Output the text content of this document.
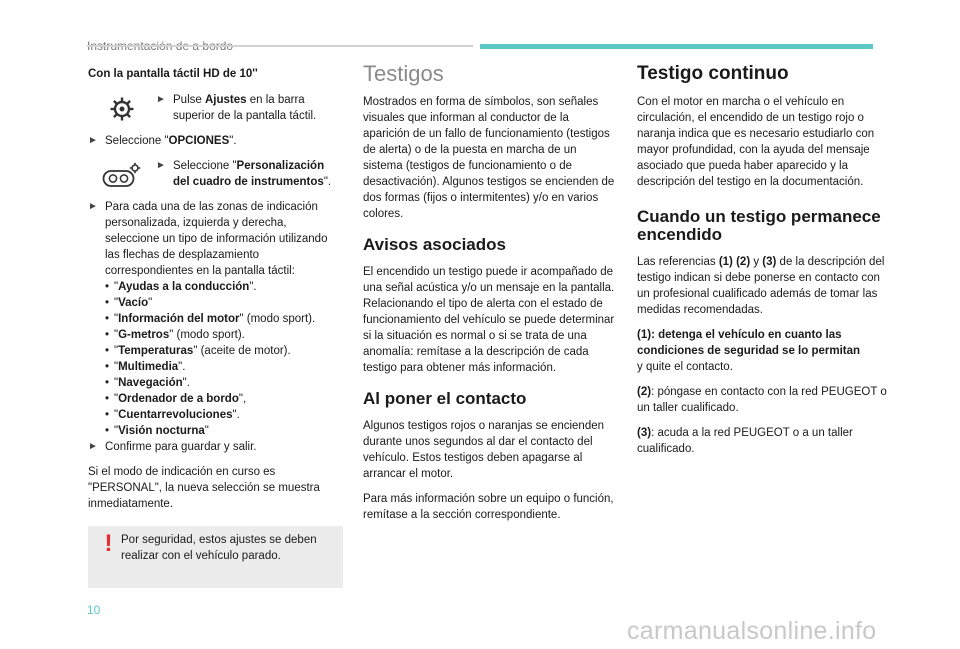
Con la pantalla táctil HD de 10''

► Pulse Ajustes en la barra superior de la pantalla táctil.
► Seleccione "OPCIONES".
► Seleccione "Personalización del cuadro de instrumentos".
► Para cada una de las zonas de indicación personalizada, izquierda y derecha, seleccione un tipo de información utilizando las flechas de desplazamiento correspondientes en la pantalla táctil:
• "Ayudas a la conducción".
• "Vacío"
• "Información del motor" (modo sport).
• "G-metros" (modo sport).
• "Temperaturas" (aceite de motor).
• "Multimedia".
• "Navegación".
• "Ordenador de a bordo",
• "Cuentarrevoluciones".
• "Visión nocturna"
► Confirme para guardar y salir.

Si el modo de indicación en curso es "PERSONAL", la nueva selección se muestra inmediatamente.

! Por seguridad, estos ajustes se deben realizar con el vehículo parado.
Testigos

Mostrados en forma de símbolos, son señales visuales que informan al conductor de la aparición de un fallo de funcionamiento (testigos de alerta) o de la puesta en marcha de un sistema (testigos de funcionamiento o de desactivación). Algunos testigos se encienden de dos formas (fijos o intermitentes) y/o en varios colores.

Avisos asociados

El encendido un testigo puede ir acompañado de una señal acústica y/o un mensaje en la pantalla.

Relacionando el tipo de alerta con el estado de funcionamiento del vehículo se puede determinar si la situación es normal o si se trata de una anomalía: remítase a la descripción de cada testigo para obtener más información.

Al poner el contacto

Algunos testigos rojos o naranjas se encienden durante unos segundos al dar el contacto del vehículo. Estos testigos deben apagarse al arrancar el motor.

Para más información sobre un equipo o función, remítase a la sección correspondiente.

Testigo continuo

Con el motor en marcha o el vehículo en circulación, el encendido de un testigo rojo o naranja indica que es necesario estudiarlo con mayor profundidad, con la ayuda del mensaje asociado que pueda haber aparecido y la descripción del testigo en la documentación.

Cuando un testigo permanece encendido

Las referencias (1) (2) y (3) de la descripción del testigo indican si debe ponerse en contacto con un profesional cualificado además de tomar las medidas recomendadas.

(1): detenga el vehículo en cuanto las condiciones de seguridad se lo permitan
y quite el contacto.

(2): póngase en contacto con la red PEUGEOT o un taller cualificado.

(3): acuda a la red PEUGEOT o a un taller cualificado.

10
carmanualsonline.info
